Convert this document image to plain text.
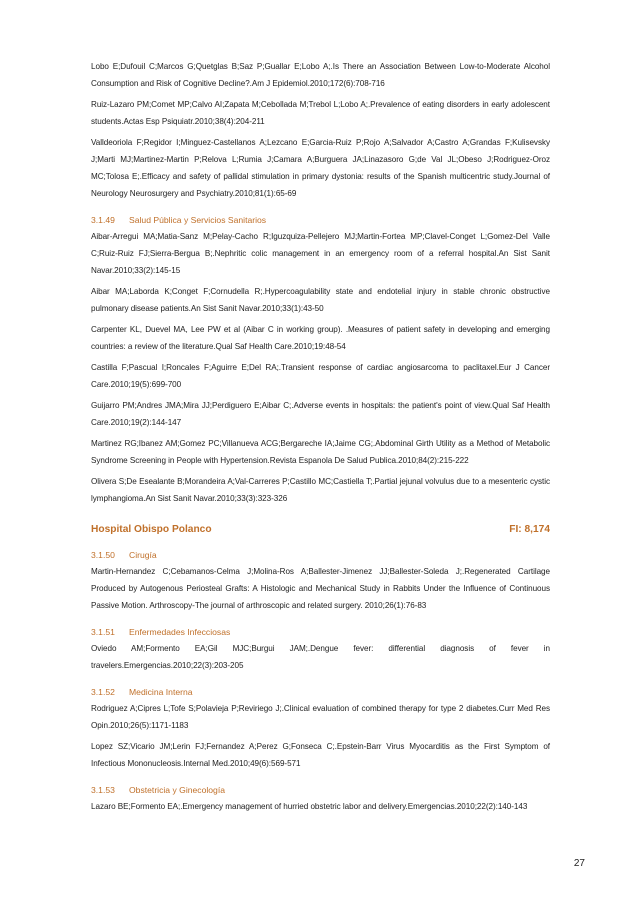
Lobo E;Dufouil C;Marcos G;Quetglas B;Saz P;Guallar E;Lobo A;.Is There an Association Between Low-to-Moderate Alcohol Consumption and Risk of Cognitive Decline?.Am J Epidemiol.2010;172(6):708-716

Ruiz-Lazaro PM;Comet MP;Calvo AI;Zapata M;Cebollada M;Trebol L;Lobo A;.Prevalence of eating disorders in early adolescent students.Actas Esp Psiquiatr.2010;38(4):204-211

Valldeoriola F;Regidor I;Minguez-Castellanos A;Lezcano E;Garcia-Ruiz P;Rojo A;Salvador A;Castro A;Grandas F;Kulisevsky J;Marti MJ;Martinez-Martin P;Relova L;Rumia J;Camara A;Burguera JA;Linazasoro G;de Val JL;Obeso J;Rodriguez-Oroz MC;Tolosa E;.Efficacy and safety of pallidal stimulation in primary dystonia: results of the Spanish multicentric study.Journal of Neurology Neurosurgery and Psychiatry.2010;81(1):65-69

3.1.49 Salud Pública y Servicios Sanitarios

Aibar-Arregui MA;Matia-Sanz M;Pelay-Cacho R;Iguzquiza-Pellejero MJ;Martin-Fortea MP;Clavel-Conget L;Gomez-Del Valle C;Ruiz-Ruiz FJ;Sierra-Bergua B;.Nephritic colic management in an emergency room of a referral hospital.An Sist Sanit Navar.2010;33(2):145-15

Aibar MA;Laborda K;Conget F;Cornudella R;.Hypercoagulability state and endotelial injury in stable chronic obstructive pulmonary disease patients.An Sist Sanit Navar.2010;33(1):43-50

Carpenter KL, Duevel MA, Lee PW et al (Aibar C in working group). .Measures of patient safety in developing and emerging countries: a review of the literature.Qual Saf Health Care.2010;19:48-54

Castilla F;Pascual I;Roncales F;Aguirre E;Del RA;.Transient response of cardiac angiosarcoma to paclitaxel.Eur J Cancer Care.2010;19(5):699-700

Guijarro PM;Andres JMA;Mira JJ;Perdiguero E;Aibar C;.Adverse events in hospitals: the patient's point of view.Qual Saf Health Care.2010;19(2):144-147

Martinez RG;Ibanez AM;Gomez PC;Villanueva ACG;Bergareche IA;Jaime CG;.Abdominal Girth Utility as a Method of Metabolic Syndrome Screening in People with Hypertension.Revista Espanola De Salud Publica.2010;84(2):215-222

Olivera S;De Esealante B;Morandeira A;Val-Carreres P;Castillo MC;Castiella T;.Partial jejunal volvulus due to a mesenteric cystic lymphangioma.An Sist Sanit Navar.2010;33(3):323-326

Hospital Obispo Polanco	FI: 8,174
3.1.50 Cirugía

Martin-Hernandez C;Cebamanos-Celma J;Molina-Ros A;Ballester-Jimenez JJ;Ballester-Soleda J;.Regenerated Cartilage Produced by Autogenous Periosteal Grafts: A Histologic and Mechanical Study in Rabbits Under the Influence of Continuous Passive Motion. Arthroscopy-The journal of arthroscopic and related surgery. 2010;26(1):76-83

3.1.51 Enfermedades Infecciosas

Oviedo AM;Formento EA;Gil MJC;Burgui JAM;.Dengue fever: differential diagnosis of fever in travelers.Emergencias.2010;22(3):203-205

3.1.52 Medicina Interna

Rodriguez A;Cipres L;Tofe S;Polavieja P;Reviriego J;.Clinical evaluation of combined therapy for type 2 diabetes.Curr Med Res Opin.2010;26(5):1171-1183

Lopez SZ;Vicario JM;Lerin FJ;Fernandez A;Perez G;Fonseca C;.Epstein-Barr Virus Myocarditis as the First Symptom of Infectious Mononucleosis.Internal Med.2010;49(6):569-571

3.1.53 Obstetricia y Ginecología

Lazaro BE;Formento EA;.Emergency management of hurried obstetric labor and delivery.Emergencias.2010;22(2):140-143

27
